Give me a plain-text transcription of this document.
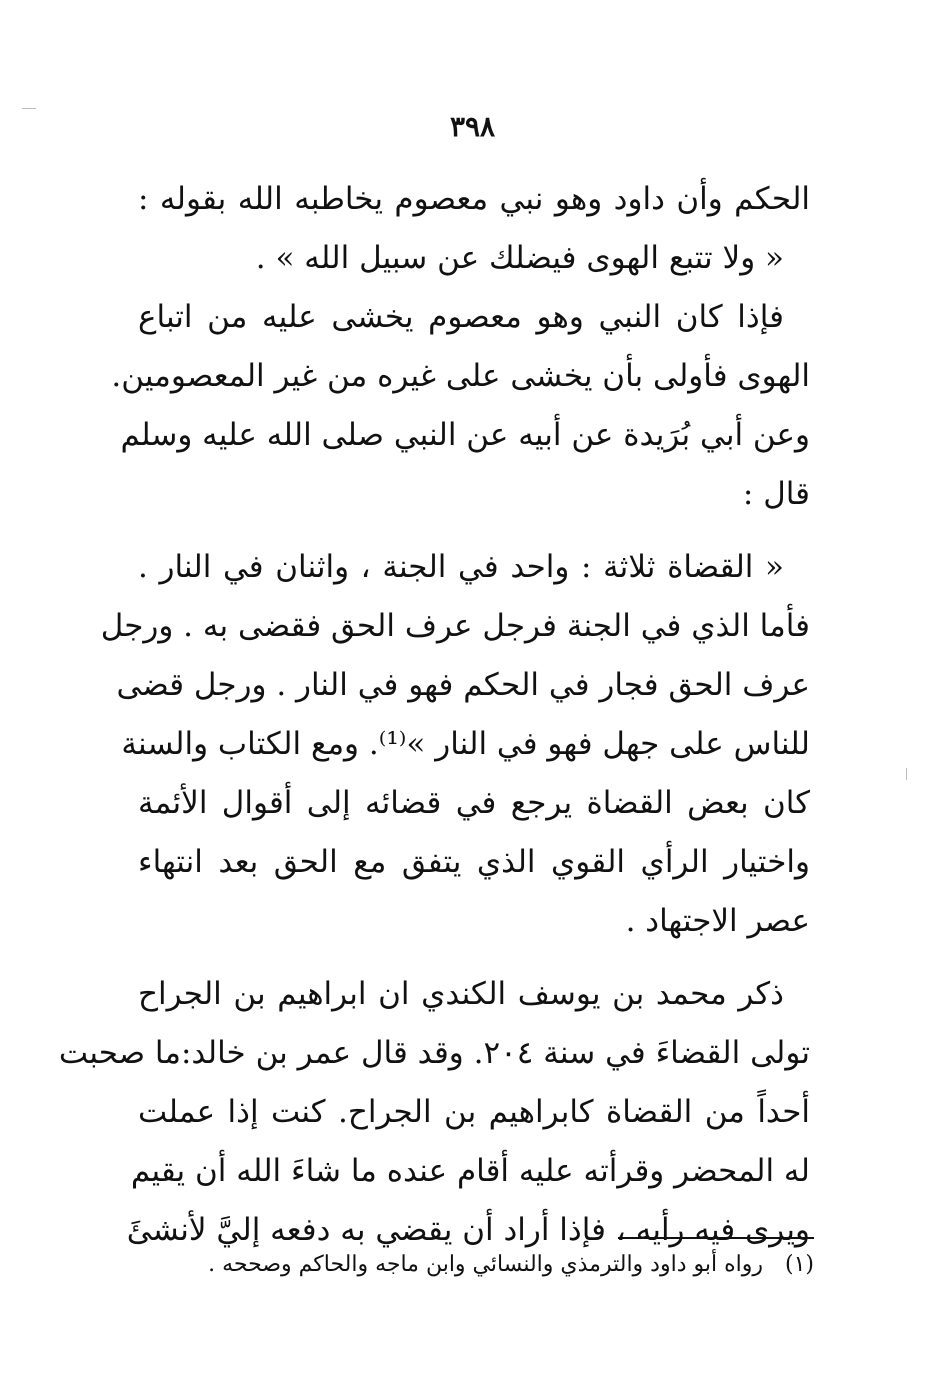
٣٩٨
الحكم وأن داود وهو نبي معصوم يخاطبه الله بقوله :
« ولا تتبع الهوى فيضلك عن سبيل الله » .
فإذا كان النبي وهو معصوم يخشى عليه من اتباع
الهوى فأولى بأن يخشى على غيره من غير المعصومين.
وعن أبي بُرَيدة عن أبيه عن النبي صلى الله عليه وسلم
قال :
« القضاة ثلاثة : واحد في الجنة ، واثنان في النار .
فأما الذي في الجنة فرجل عرف الحق فقضى به . ورجل
عرف الحق فجار في الحكم فهو في النار . ورجل قضى
للناس على جهل فهو في النار »⁽¹⁾. ومع الكتاب والسنة
كان بعض القضاة يرجع في قضائه إلى أقوال الأئمة
واختيار الرأي القوي الذي يتفق مع الحق بعد انتهاء
عصر الاجتهاد .
ذكر محمد بن يوسف الكندي ان ابراهيم بن الجراح
تولى القضاءَ في سنة ٢٠٤. وقد قال عمر بن خالد:ما صحبت
أحداً من القضاة كابراهيم بن الجراح. كنت إذا عملت
له المحضر وقرأته عليه أقام عنده ما شاءَ الله أن يقيم
ويرى فيه رأيه ، فإذا أراد أن يقضي به دفعه إليَّ لأنشئَ
(١)رواه أبو داود والترمذي والنسائي وابن ماجه والحاكم وصححه .
